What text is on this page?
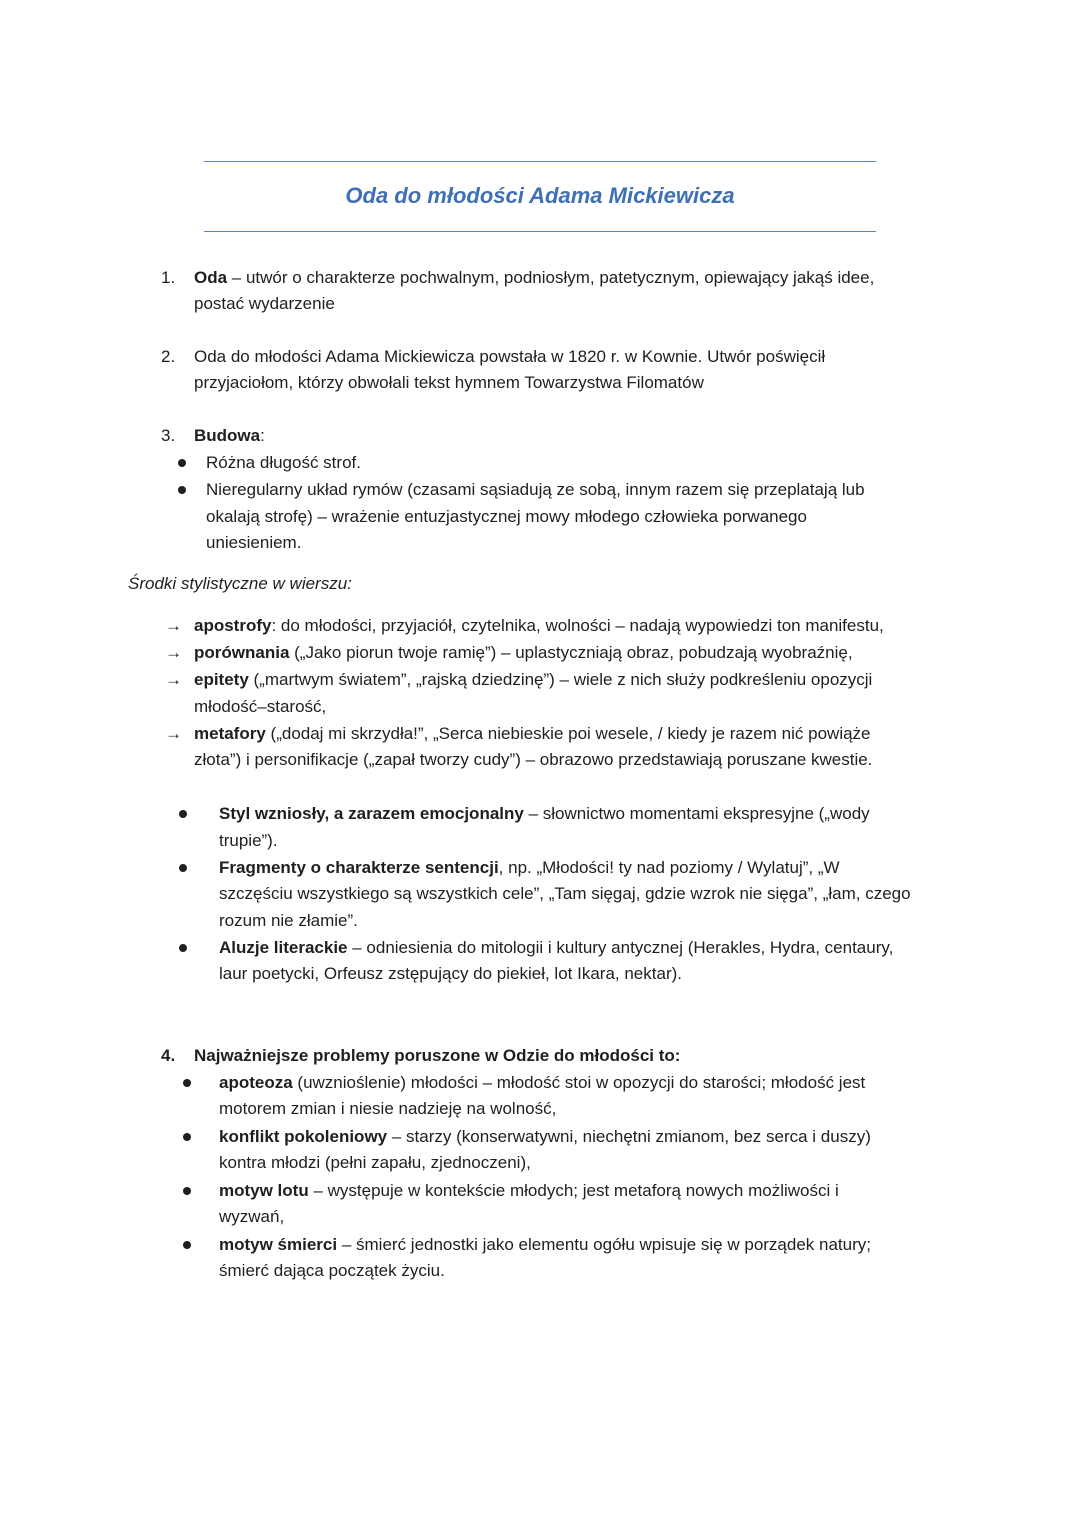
Oda do młodości Adama Mickiewicza
1. Oda – utwór o charakterze pochwalnym, podniosłym, patetycznym, opiewający jakąś idee,
postać wydarzenie
2. Oda do młodości Adama Mickiewicza powstała w 1820 r. w Kownie. Utwór poświęcił
przyjaciołom, którzy obwołali tekst hymnem Towarzystwa Filomatów
3. Budowa:
Różna długość strof.
Nieregularny układ rymów (czasami sąsiadują ze sobą, innym razem się przeplatają lub
okalają strofę) – wrażenie entuzjastycznej mowy młodego człowieka porwanego
uniesieniem.
Środki stylistyczne w wierszu:
→ apostrofy: do młodości, przyjaciół, czytelnika, wolności – nadają wypowiedzi ton manifestu,
→ porównania („Jako piorun twoje ramię”) – uplastyczniają obraz, pobudzają wyobraźnię,
→ epitety („martwym światem”, „rajską dziedzinę”) – wiele z nich służy podkreśleniu opozycji
młodość–starość,
→ metafory („dodaj mi skrzydła!”, „Serca niebieskie poi wesele, / kiedy je razem nić powiąże
złota”) i personifikacje („zapał tworzy cudy”) – obrazowo przedstawiają poruszane kwestie.
Styl wzniosły, a zarazem emocjonalny – słownictwo momentami ekspresyjne („wody
trupie”).
Fragmenty o charakterze sentencji, np. „Młodości! ty nad poziomy / Wylatuj”, „W
szczęściu wszystkiego są wszystkich cele”, „Tam sięgaj, gdzie wzrok nie sięga”, „łam, czego
rozum nie złamie”.
Aluzje literackie – odniesienia do mitologii i kultury antycznej (Herakles, Hydra, centaury,
laur poetycki, Orfeusz zstępujący do piekieł, lot Ikara, nektar).
4. Najważniejsze problemy poruszone w Odzie do młodości to:
apoteoza (uwznioślenie) młodości – młodość stoi w opozycji do starości; młodość jest
motorem zmian i niesie nadzieję na wolność,
konflikt pokoleniowy – starzy (konserwatywni, niechętni zmianom, bez serca i duszy)
kontra młodzi (pełni zapału, zjednoczeni),
motyw lotu – występuje w kontekście młodych; jest metaforą nowych możliwości i
wyzwań,
motyw śmierci – śmierć jednostki jako elementu ogółu wpisuje się w porządek natury;
śmierć dająca początek życiu.
